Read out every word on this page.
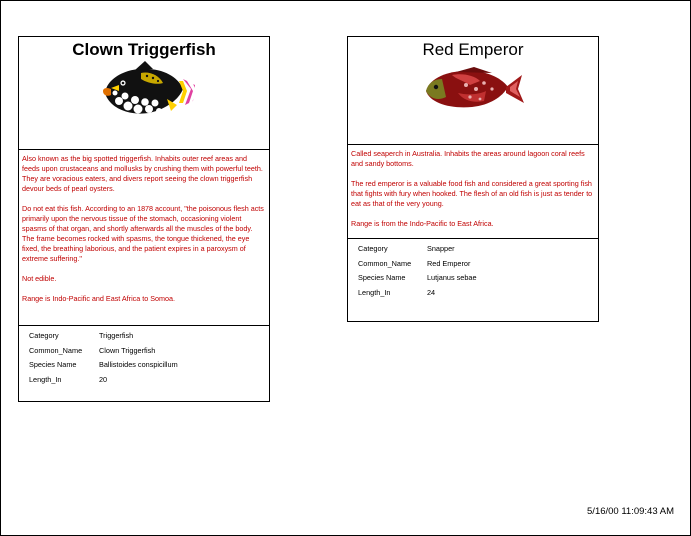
Clown Triggerfish

Also known as the big spotted triggerfish. Inhabits outer reef areas and feeds upon crustaceans and mollusks by crushing them with powerful teeth. They are voracious eaters, and divers report seeing the clown triggerfish devour beds of pearl oysters.

Do not eat this fish. According to an 1878 account, "the poisonous flesh acts primarily upon the nervous tissue of the stomach, occasioning violent spasms of that organ, and shortly afterwards all the muscles of the body. The frame becomes rocked with spasms, the tongue thickened, the eye fixed, the breathing laborious, and the patient expires in a paroxysm of extreme suffering."

Not edible.

Range is Indo-Pacific and East Africa to Somoa.

Category	Triggerfish
Common_Name	Clown Triggerfish
Species Name	Ballistoides conspicillum
Length_In	20
Red Emperor

Called seaperch in Australia. Inhabits the areas around lagoon coral reefs and sandy bottoms.

The red emperor is a valuable food fish and considered a great sporting fish that fights with fury when hooked. The flesh of an old fish is just as tender to eat as that of the very young.

Range is from the Indo-Pacific to East Africa.

Category	Snapper
Common_Name	Red Emperor
Species Name	Lutjanus sebae
Length_In	24
5/16/00 11:09:43 AM
